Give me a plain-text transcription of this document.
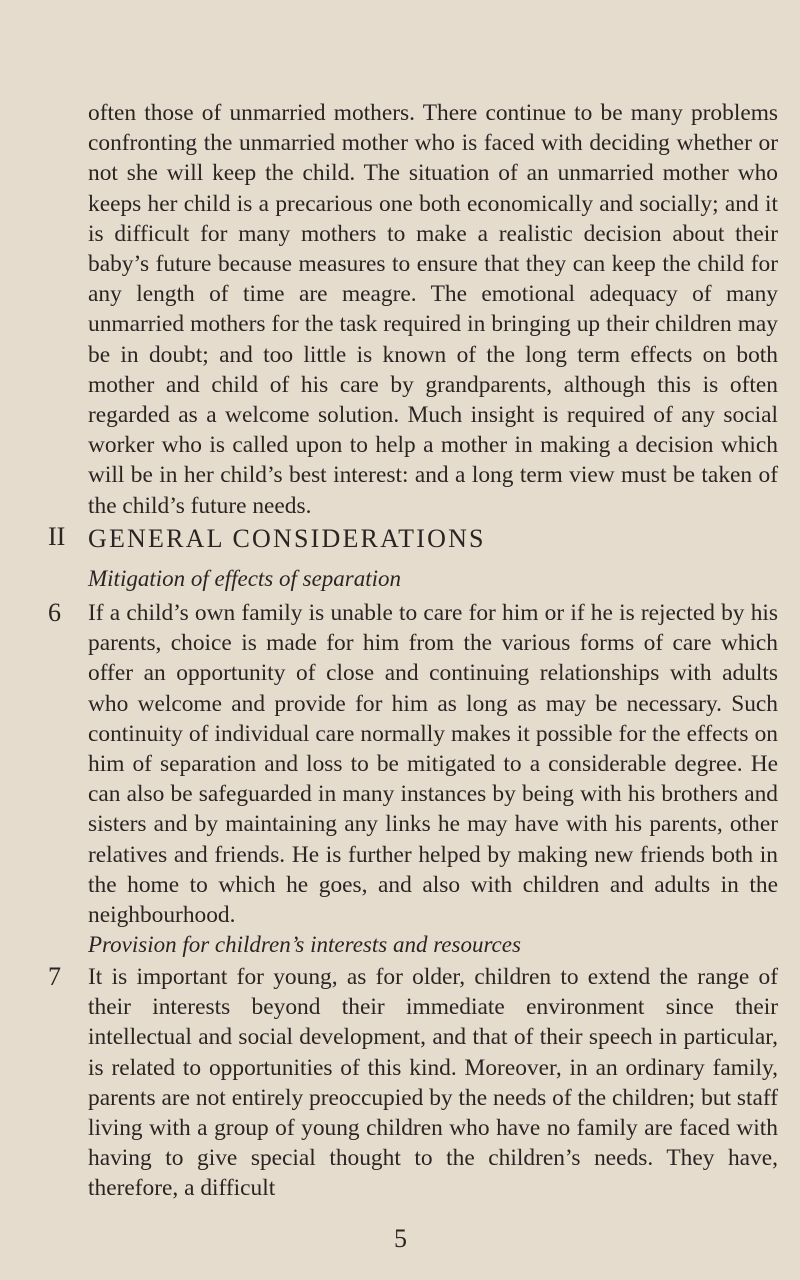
often those of unmarried mothers. There continue to be many problems confronting the unmarried mother who is faced with deciding whether or not she will keep the child. The situation of an unmarried mother who keeps her child is a precarious one both economically and socially; and it is difficult for many mothers to make a realistic decision about their baby’s future because measures to ensure that they can keep the child for any length of time are meagre. The emotional adequacy of many unmarried mothers for the task required in bringing up their children may be in doubt; and too little is known of the long term effects on both mother and child of his care by grandparents, although this is often regarded as a welcome solution. Much insight is required of any social worker who is called upon to help a mother in making a decision which will be in her child’s best interest: and a long term view must be taken of the child’s future needs.
II GENERAL CONSIDERATIONS
Mitigation of effects of separation
6 If a child’s own family is unable to care for him or if he is rejected by his parents, choice is made for him from the various forms of care which offer an opportunity of close and continuing relationships with adults who welcome and provide for him as long as may be necessary. Such continuity of individual care normally makes it possible for the effects on him of separation and loss to be mitigated to a considerable degree. He can also be safeguarded in many instances by being with his brothers and sisters and by maintaining any links he may have with his parents, other relatives and friends. He is further helped by making new friends both in the home to which he goes, and also with children and adults in the neighbourhood.
Provision for children’s interests and resources
7 It is important for young, as for older, children to extend the range of their interests beyond their immediate environment since their intellectual and social development, and that of their speech in particular, is related to opportunities of this kind. Moreover, in an ordinary family, parents are not entirely preoccupied by the needs of the children; but staff living with a group of young children who have no family are faced with having to give special thought to the children’s needs. They have, therefore, a difficult
5
